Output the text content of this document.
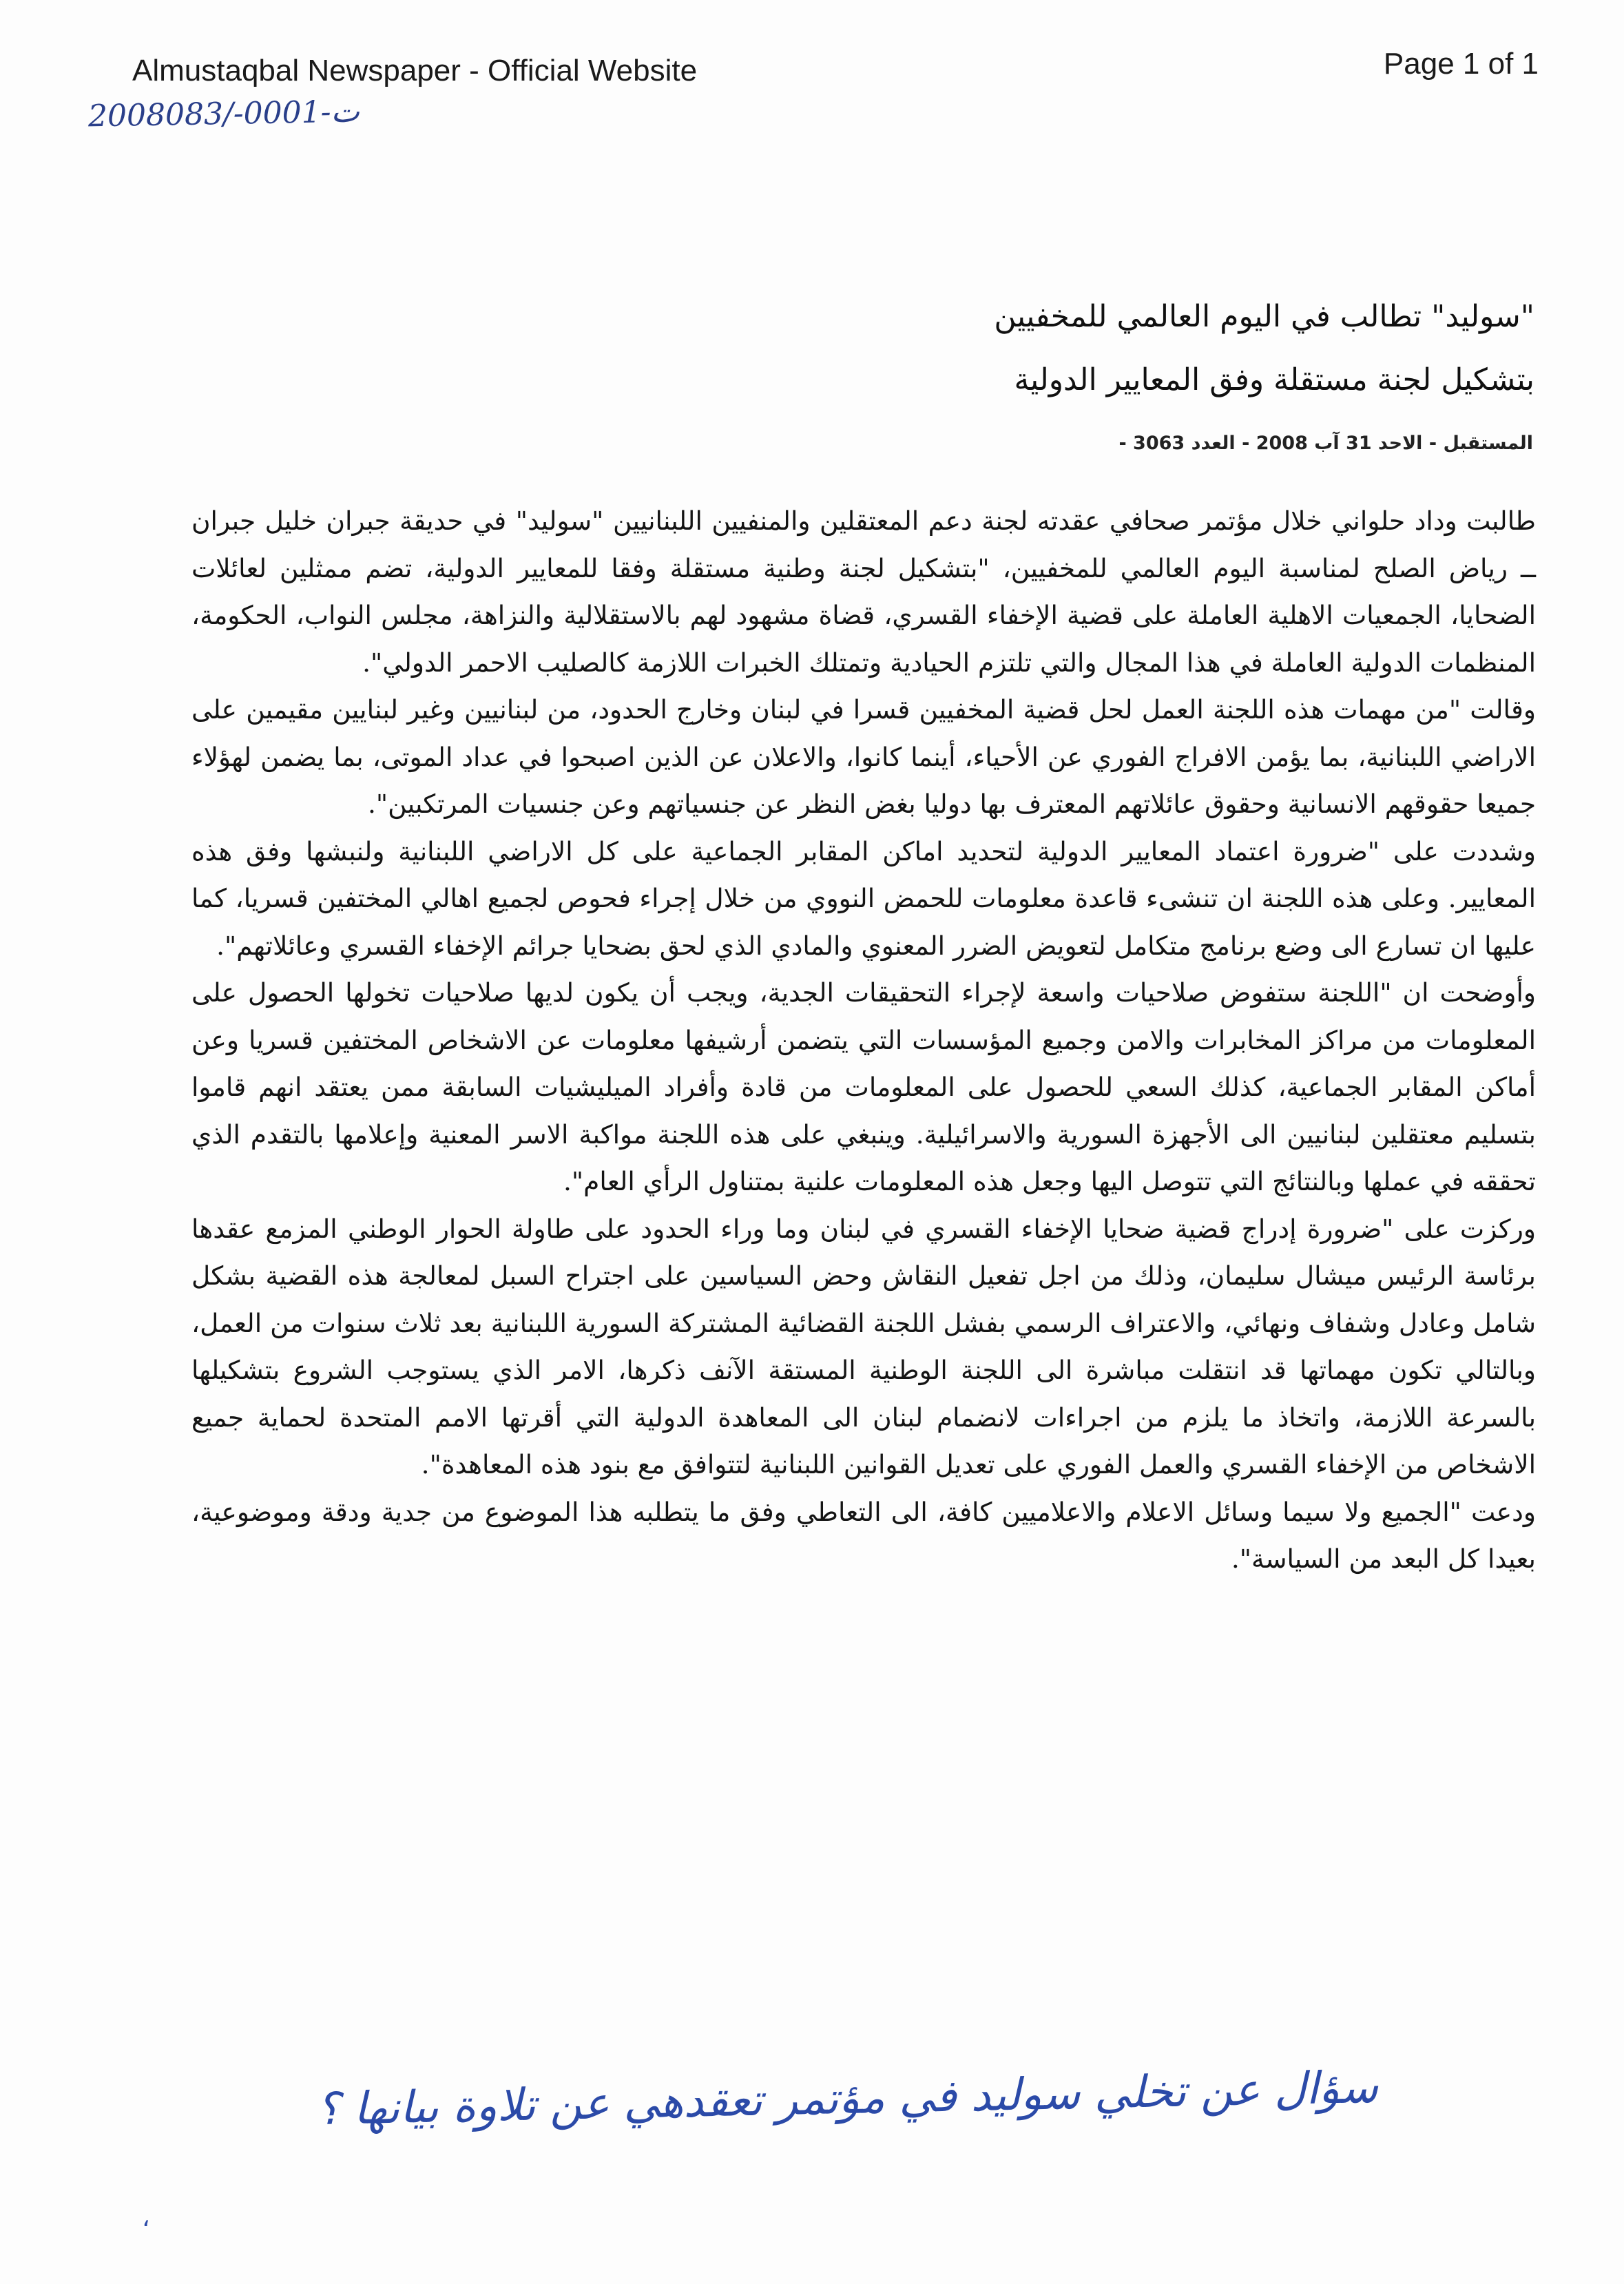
Almustaqbal Newspaper - Official Website	Page 1 of 1
2008083/-0001-ت
"سوليد" تطالب في اليوم العالمي للمخفيين
بتشكيل لجنة مستقلة وفق المعايير الدولية
المستقبل - الاحد 31 آب 2008 - العدد 3063 -

طالبت وداد حلواني خلال مؤتمر صحافي عقدته لجنة دعم المعتقلين والمنفيين اللبنانيين "سوليد" في حديقة جبران خليل جبران ــ رياض الصلح لمناسبة اليوم العالمي للمخفيين، "بتشكيل لجنة وطنية مستقلة وفقا للمعايير الدولية، تضم ممثلين لعائلات الضحايا، الجمعيات الاهلية العاملة على قضية الإخفاء القسري، قضاة مشهود لهم بالاستقلالية والنزاهة، مجلس النواب، الحكومة، المنظمات الدولية العاملة في هذا المجال والتي تلتزم الحيادية وتمتلك الخبرات اللازمة كالصليب الاحمر الدولي".

وقالت "من مهمات هذه اللجنة العمل لحل قضية المخفيين قسرا في لبنان وخارج الحدود، من لبنانيين وغير لبنايين مقيمين على الاراضي اللبنانية، بما يؤمن الافراج الفوري عن الأحياء، أينما كانوا، والاعلان عن الذين اصبحوا في عداد الموتى، بما يضمن لهؤلاء جميعا حقوقهم الانسانية وحقوق عائلاتهم المعترف بها دوليا بغض النظر عن جنسياتهم وعن جنسيات المرتكبين".

وشددت على "ضرورة اعتماد المعايير الدولية لتحديد اماكن المقابر الجماعية على كل الاراضي اللبنانية ولنبشها وفق هذه المعايير. وعلى هذه اللجنة ان تنشىء قاعدة معلومات للحمض النووي من خلال إجراء فحوص لجميع اهالي المختفين قسريا، كما عليها ان تسارع الى وضع برنامج متكامل لتعويض الضرر المعنوي والمادي الذي لحق بضحايا جرائم الإخفاء القسري وعائلاتهم".

وأوضحت ان "اللجنة ستفوض صلاحيات واسعة لإجراء التحقيقات الجدية، ويجب أن يكون لديها صلاحيات تخولها الحصول على المعلومات من مراكز المخابرات والامن وجميع المؤسسات التي يتضمن أرشيفها معلومات عن الاشخاص المختفين قسريا وعن أماكن المقابر الجماعية، كذلك السعي للحصول على المعلومات من قادة وأفراد الميليشيات السابقة ممن يعتقد انهم قاموا بتسليم معتقلين لبنانيين الى الأجهزة السورية والاسرائيلية. وينبغي على هذه اللجنة مواكبة الاسر المعنية وإعلامها بالتقدم الذي تحققه في عملها وبالنتائج التي تتوصل اليها وجعل هذه المعلومات علنية بمتناول الرأي العام".

وركزت على "ضرورة إدراج قضية ضحايا الإخفاء القسري في لبنان وما وراء الحدود على طاولة الحوار الوطني المزمع عقدها برئاسة الرئيس ميشال سليمان، وذلك من اجل تفعيل النقاش وحض السياسين على اجتراح السبل لمعالجة هذه القضية بشكل شامل وعادل وشفاف ونهائي، والاعتراف الرسمي بفشل اللجنة القضائية المشتركة السورية اللبنانية بعد ثلاث سنوات من العمل، وبالتالي تكون مهماتها قد انتقلت مباشرة الى اللجنة الوطنية المستقة الآنف ذكرها، الامر الذي يستوجب الشروع بتشكيلها بالسرعة اللازمة، واتخاذ ما يلزم من اجراءات لانضمام لبنان الى المعاهدة الدولية التي أقرتها الامم المتحدة لحماية جميع الاشخاص من الإخفاء القسري والعمل الفوري على تعديل القوانين اللبنانية لتتوافق مع بنود هذه المعاهدة".

ودعت "الجميع ولا سيما وسائل الاعلام والاعلاميين كافة، الى التعاطي وفق ما يتطلبه هذا الموضوع من جدية ودقة وموضوعية، بعيدا كل البعد من السياسة".

سؤال عن تخلي سوليد في مؤتمر تعقدهي عن تلاوة بيانها ؟
،
